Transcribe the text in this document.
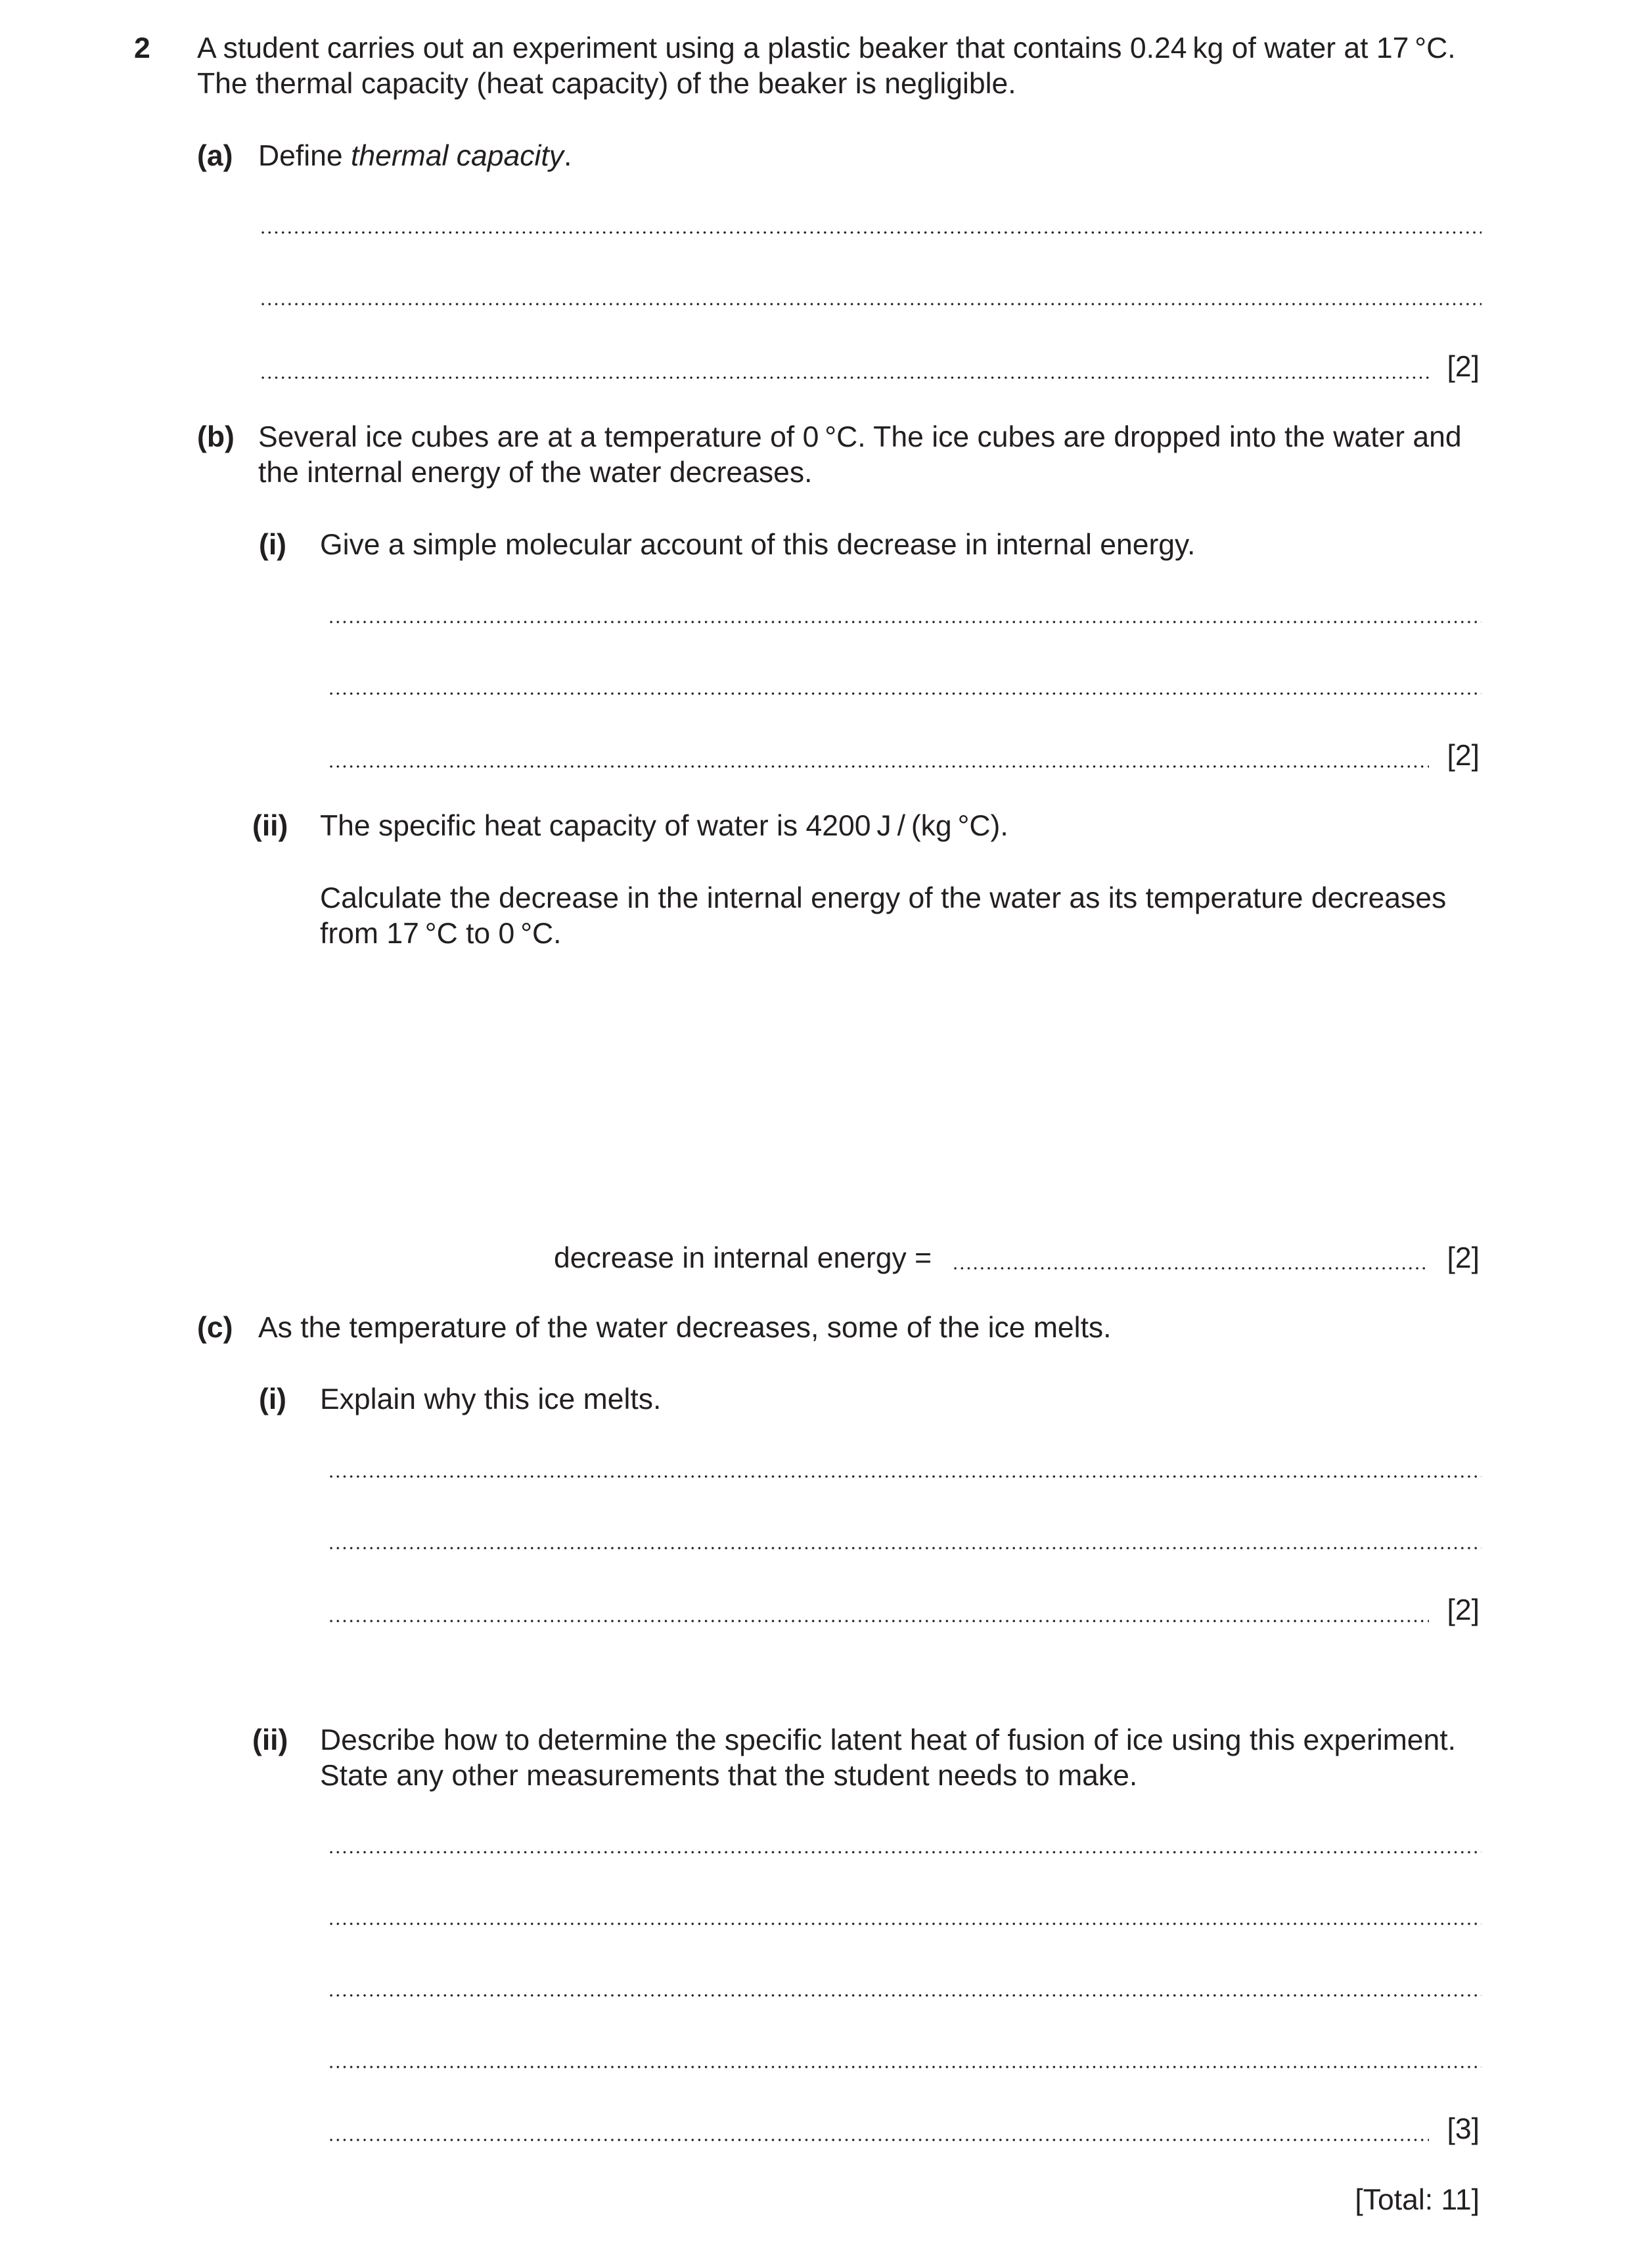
2 A student carries out an experiment using a plastic beaker that contains 0.24 kg of water at 17 °C.
The thermal capacity (heat capacity) of the beaker is negligible.
(a) Define thermal capacity.
[2]
(b) Several ice cubes are at a temperature of 0 °C. The ice cubes are dropped into the water and
the internal energy of the water decreases.
(i) Give a simple molecular account of this decrease in internal energy.
[2]
(ii) The specific heat capacity of water is 4200 J / (kg °C).
Calculate the decrease in the internal energy of the water as its temperature decreases
from 17 °C to 0 °C.
decrease in internal energy =	[2]
(c) As the temperature of the water decreases, some of the ice melts.
(i) Explain why this ice melts.
[2]
(ii) Describe how to determine the specific latent heat of fusion of ice using this experiment.
State any other measurements that the student needs to make.
[3]
[Total: 11]
